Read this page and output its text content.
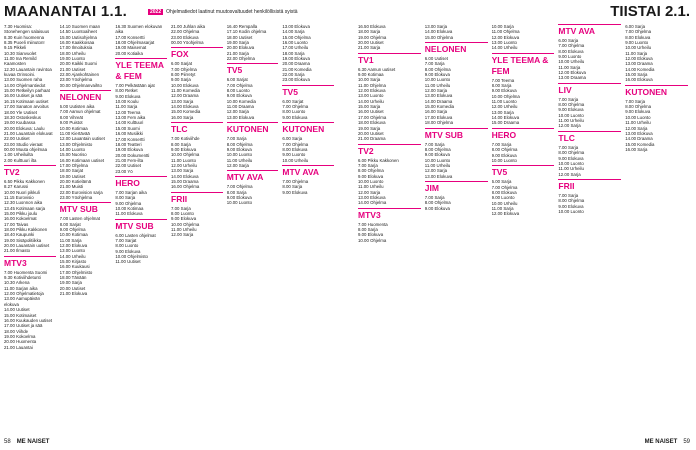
MAANANTAI 1.1.	2022 Ohjelmatiedot laatinut muutosvaltuudet henkilöllisistä syistä	TIISTAI 2.1.
7.30 Huomisa: Stonehengen salaisuus
8.30 Kuin huomenna
8.35 Puoeli miinuton!
9.15 Pikkeli
10.30 Sianvuolet
11.00 Ina Remild Kaamosten
12.30 Lauantain ravintoa kuvaa Orinsoini.
13.00 Suomen raha
14.00 Ohjelmantiedot
15.00 Retkeilyn parhaat
16.00 Uutiset ja sää
16.15 Kotimaan uutiset
17.00 Sanaton arvoitus
18.00 Yle Uutiset
18.30 Ostoskeskus
19.00 Kuubassa
20.00 Elokuva: Laulu
21.00 Lauantain elokuvat
22.00 Uutiset
23.00 Studio vieraat
00.00 Muuta ohjelmaa
1.00 Urheiluilta
2.00 Kulttuuri ilta
TV2
6.50 Pikku Kakkonen
8.27 Karussi
10.00 Nuori pikkuli
11.15 Eurovisio
12.30 Luonnon aika
13.45 Kotimaan sarja
15.00 Pikku joulu
16.00 Kokoelmat
17.00 Taivas
18.00 Pikku Kakkonen
18.40 Kaupunki
19.00 Sisäpolitiikka
20.00 Lauantain uutiset
21.00 Ilmasto
MTV3
7.00 Huomenta Suomi
9.30 Kotiviihdetunti
10.30 Arkena
11.00 Sarjan aika
12.00 Ohjelmatietoja
13.00 Aamupäivän elokuva
14.00 Uutiset
15.00 Kotimaiset
16.00 Kuukauden uutiset
17.00 Uutiset ja sää
18.00 Viihde
19.00 Kokoelma
20.00 Huomenta
21.00 Lauantai
14.10 Suomen maan
14.50 Luontoaiheet
15.00 Uutisohjelma
16.00 Kaakkoisaa
17.00 Ilmoituksia
18.00 Urheilu
19.00 Luonto
20.00 Kaikki Suomi
21.00 Uutiset
22.00 Ajankohtainen
23.00 Yöohjelma
00.00 Ohjelmanvaihto
NELONEN
6.00 Uutisten aika
7.00 Aamun ohjelmat
8.00 Vihreät
9.00 Puistot
10.00 Kotimaa
11.00 Kiertävää
12.00 Lauantain uutiset
13.00 Ohjelmisto
14.00 Luonto
15.00 Nuoriso
16.00 Kotimaan uutiset
17.00 Ohjelma
18.00 Sarjat
19.00 Uutiset
20.00 Kotielämä
21.00 Muisti
22.00 Eurovision sarja
23.00 Yöohjelma
MTV SUB
7.00 Lasten ohjelmat
8.00 Sarjat
9.00 Ohjelma
10.00 Kotimaa
11.00 Sarja
12.00 Elokuva
13.00 Luonto
14.00 Urheilu
15.00 Kirjasto
16.00 Kuukausi
17.00 Ohjelmisto
18.00 Tänään
19.00 Sarja
20.00 Uutiset
21.00 Elokuva
16.30 Suomen elokuvan aika
17.00 Konsertti
18.00 Ohjelmasarjat
19.00 Maisemat
20.00 Kotiaika
YLE TEEMA & FEM
7.00 Pelkästään ajat
8.00 Retket
9.00 Elokuva
10.00 Koulu
11.00 Sarja
12.00 Teema
13.00 Fem aika
14.00 Kulttuuri
15.00 Suomi
16.00 Musiikki
17.00 Konsertti
18.00 Teatteri
19.00 Elokuva
20.00 Dokumentti
21.00 Fem-ilta
22.00 Uutiset
23.00 Yö
HERO
7.00 Sarjan aika
8.00 Sarja
9.00 Ohjelma
10.00 Kotimaa
11.00 Elokuva
MTV SUB
6.00 Lasten ohjelmat
7.00 Sarjat
8.00 Luonto
9.00 Elokuva
10.00 Ohjelmisto
11.00 Uutiset
21.00 Juhlan aika
22.00 Ohjelma
23.00 Elokuva
00.00 Yöohjelma
FOX
6.00 Sarjat
7.00 Ohjelma
8.00 Piirretyt
9.00 Sarja
10.00 Elokuva
11.00 Komedia
12.00 Draama
13.00 Sarja
14.00 Elokuva
15.00 Komedia
16.00 Sarja
TLC
7.00 Kotiviihde
8.00 Sarja
9.00 Elokuva
10.00 Ohjelma
11.00 Luonto
12.00 Urheilu
13.00 Sarja
14.00 Elokuva
15.00 Draama
16.00 Ohjelma
FRII
7.00 Sarja
8.00 Luonto
9.00 Elokuva
10.00 Ohjelma
11.00 Urheilu
12.00 Sarja
16.40 Rempalla
17.10 Kodin ohjelma
18.00 Uutiset
19.00 Sarja
20.00 Elokuva
21.00 Sarja
22.00 Ohjelma
TV5
6.00 Sarjat
7.00 Ohjelma
8.00 Luonto
9.00 Elokuva
10.00 Komedia
11.00 Draama
12.00 Sarja
13.00 Elokuva
KUTONEN
7.00 Sarja
8.00 Ohjelma
9.00 Elokuva
10.00 Luonto
11.00 Urheilu
12.00 Sarja
MTV AVA
7.00 Ohjelma
8.00 Sarja
9.00 Elokuva
10.00 Luonto
13.00 Elokuva
14.00 Sarja
15.00 Ohjelma
16.00 Luonto
17.00 Urheilu
18.00 Sarja
19.00 Elokuva
20.00 Draama
21.00 Komedia
22.00 Sarja
23.00 Elokuva
TV5
6.00 Sarjat
7.00 Ohjelma
8.00 Luonto
9.00 Elokuva
KUTONEN
6.00 Sarja
7.00 Ohjelma
8.00 Elokuva
9.00 Luonto
10.00 Urheilu
MTV AVA
7.00 Ohjelma
8.00 Sarja
9.00 Elokuva
16.50 Elokuva
18.00 Sarja
19.00 Ohjelma
20.00 Uutiset
21.00 Sarja
TV1
6.30 Aamun uutiset
9.00 Kotimaa
10.00 Sarja
11.00 Ohjelma
12.00 Elokuva
13.00 Luonto
14.00 Urheilu
15.00 Sarja
16.00 Uutiset
17.00 Ohjelma
18.00 Elokuva
19.00 Sarja
20.00 Uutiset
21.00 Draama
TV2
6.00 Pikku Kakkonen
7.00 Sarja
8.00 Ohjelma
9.00 Elokuva
10.00 Luonto
11.00 Urheilu
12.00 Sarja
13.00 Elokuva
14.00 Ohjelma
MTV3
7.00 Huomenta
8.00 Sarja
9.00 Elokuva
10.00 Ohjelma
13.00 Sarja
14.00 Elokuva
15.00 Ohjelma
NELONEN
6.00 Uutiset
7.00 Sarja
8.00 Ohjelma
9.00 Elokuva
10.00 Luonto
11.00 Urheilu
12.00 Sarja
13.00 Elokuva
14.00 Draama
15.00 Komedia
16.00 Sarja
17.00 Elokuva
18.00 Ohjelma
MTV SUB
7.00 Sarja
8.00 Ohjelma
9.00 Elokuva
10.00 Luonto
11.00 Urheilu
12.00 Sarja
13.00 Elokuva
JIM
7.00 Sarja
8.00 Ohjelma
9.00 Elokuva
10.00 Sarja
11.00 Ohjelma
12.00 Elokuva
13.00 Luonto
14.00 Urheilu
YLE TEEMA & FEM
7.00 Teema
8.00 Sarja
9.00 Elokuva
10.00 Ohjelma
11.00 Luonto
12.00 Urheilu
13.00 Sarja
14.00 Elokuva
15.00 Draama
HERO
7.00 Sarja
8.00 Ohjelma
9.00 Elokuva
10.00 Luonto
TV5
6.00 Sarja
7.00 Ohjelma
8.00 Elokuva
9.00 Luonto
10.00 Urheilu
11.00 Sarja
12.00 Elokuva
MTV AVA
6.00 Sarja
7.00 Ohjelma
8.00 Elokuva
9.00 Luonto
10.00 Urheilu
11.00 Sarja
12.00 Elokuva
13.00 Draama
LIV
7.00 Sarja
8.00 Ohjelma
9.00 Elokuva
10.00 Luonto
11.00 Urheilu
12.00 Sarja
TLC
7.00 Sarja
8.00 Ohjelma
9.00 Elokuva
10.00 Luonto
11.00 Urheilu
12.00 Sarja
FRII
7.00 Sarja
8.00 Ohjelma
9.00 Elokuva
10.00 Luonto
6.00 Sarja
7.00 Ohjelma
8.00 Elokuva
9.00 Luonto
10.00 Urheilu
11.00 Sarja
12.00 Elokuva
13.00 Draama
14.00 Komedia
15.00 Sarja
16.00 Elokuva
KUTONEN
7.00 Sarja
8.00 Ohjelma
9.00 Elokuva
10.00 Luonto
11.00 Urheilu
12.00 Sarja
13.00 Elokuva
14.00 Draama
15.00 Komedia
16.00 Sarja
58 ME NAISET	ME NAISET 59
